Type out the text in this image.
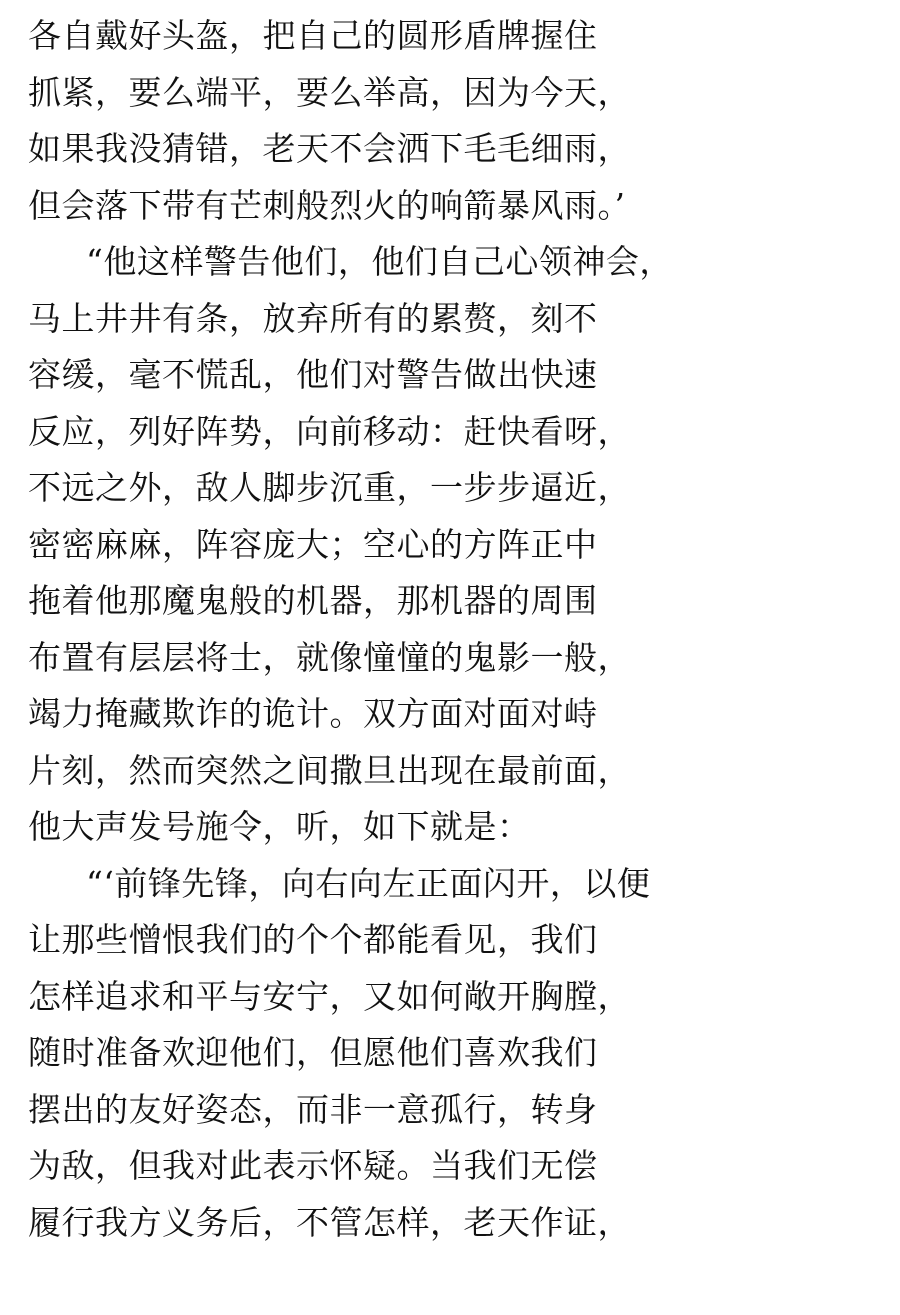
各自戴好头盔，把自己的圆形盾牌握住
抓紧，要么端平，要么举高，因为今天，
如果我没猜错，老天不会洒下毛毛细雨，
但会落下带有芒刺般烈火的响箭暴风雨。’
“他这样警告他们，他们自己心领神会，
马上井井有条，放弃所有的累赘，刻不
容缓，毫不慌乱，他们对警告做出快速
反应，列好阵势，向前移动：赶快看呀，
不远之外，敌人脚步沉重，一步步逼近，
密密麻麻，阵容庞大；空心的方阵正中
拖着他那魔鬼般的机器，那机器的周围
布置有层层将士，就像憧憧的鬼影一般，
竭力掩藏欺诈的诡计。双方面对面对峙
片刻，然而突然之间撒旦出现在最前面，
他大声发号施令，听，如下就是：
“‘前锋先锋，向右向左正面闪开，以便
让那些憎恨我们的个个都能看见，我们
怎样追求和平与安宁，又如何敞开胸膛，
随时准备欢迎他们，但愿他们喜欢我们
摆出的友好姿态，而非一意孤行，转身
为敌，但我对此表示怀疑。当我们无偿
履行我方义务后，不管怎样，老天作证，
